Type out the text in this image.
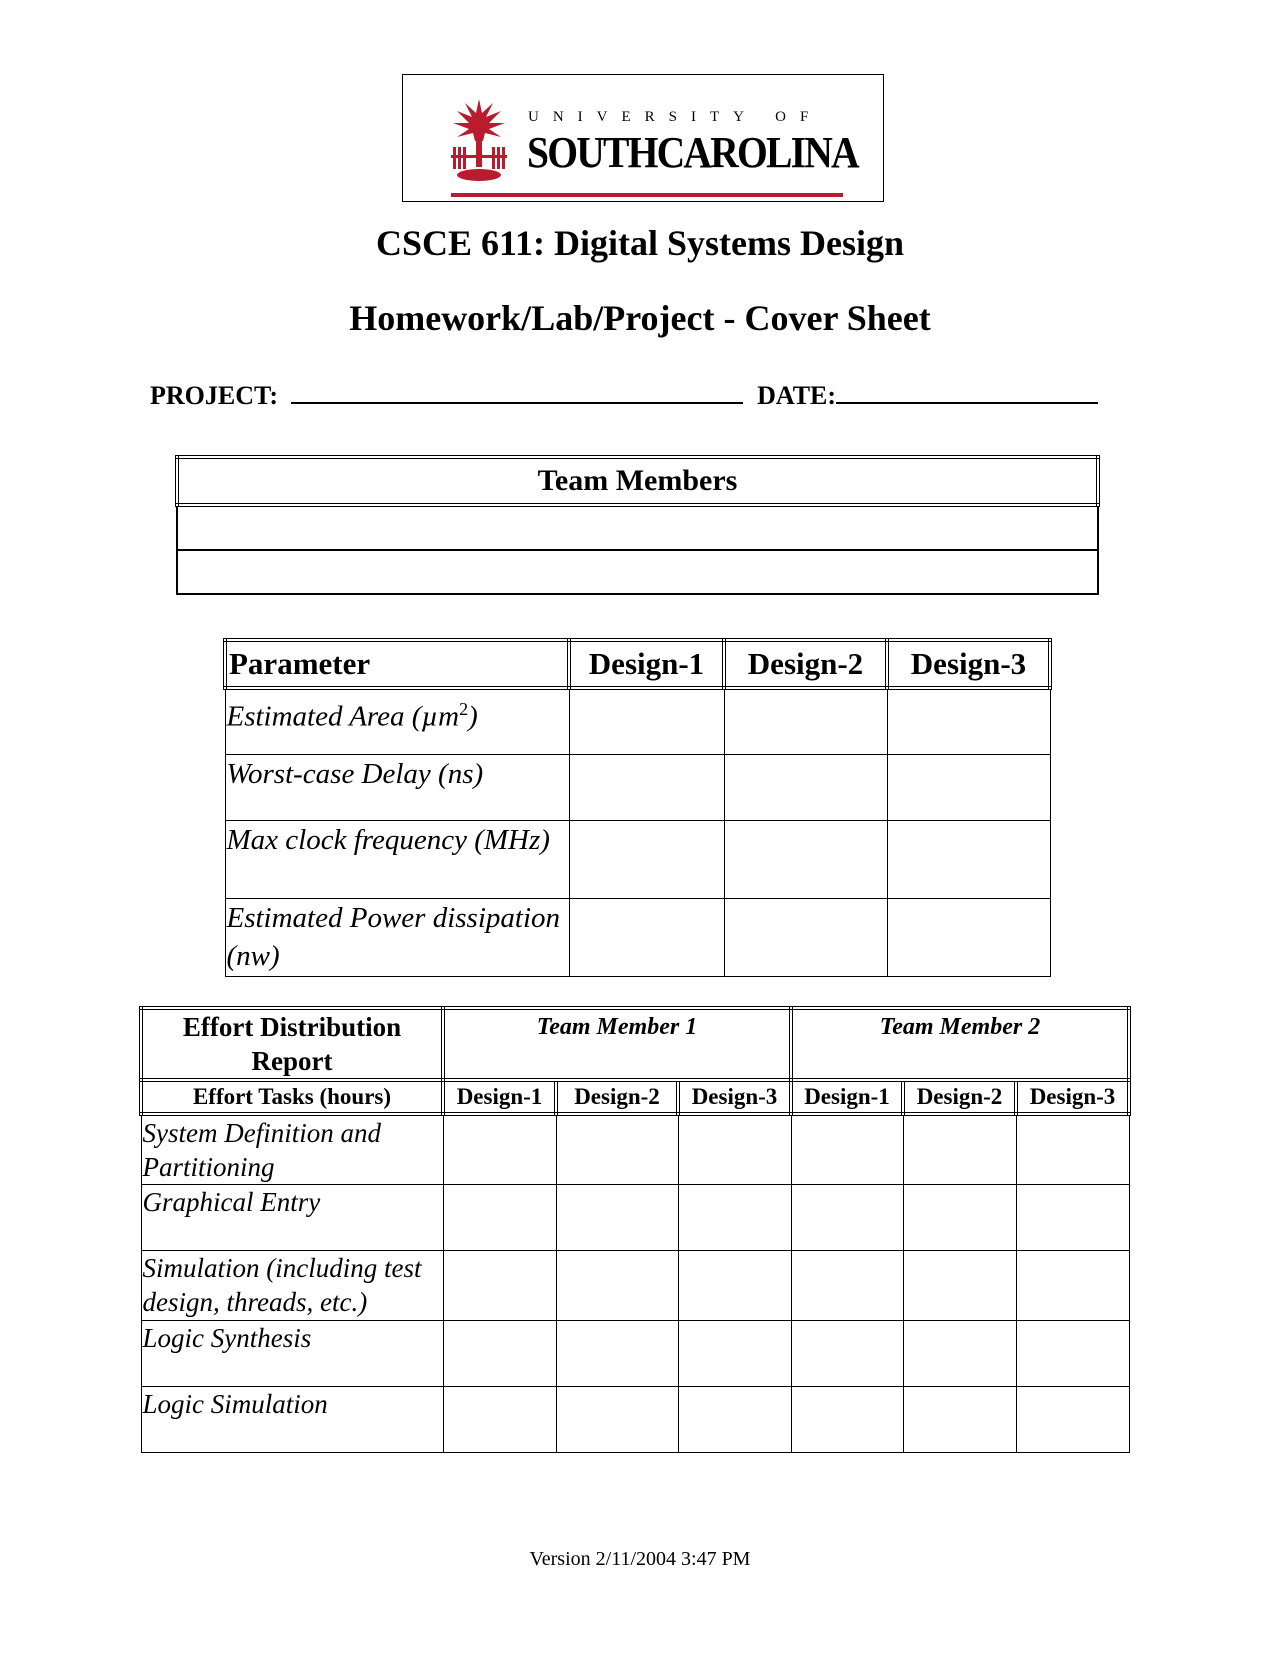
UNIVERSITY OF
SOUTHCAROLINA
CSCE 611: Digital Systems Design
Homework/Lab/Project - Cover Sheet
PROJECT:	DATE:
Team Members

Parameter	Design-1	Design-2	Design-3
Estimated Area (µm$^2$)			
Worst-case Delay (ns)			
Max clock frequency (MHz)			
Estimated Power dissipation (nw)			
Effort Distribution Report	Team Member 1			Team Member 2		
Effort Tasks (hours)	Design-1	Design-2	Design-3	Design-1	Design-2	Design-3
System Definition and Partitioning						
Graphical Entry						
Simulation (including test design, threads, etc.)						
Logic Synthesis						
Logic Simulation						
Version 2/11/2004 3:47 PM
